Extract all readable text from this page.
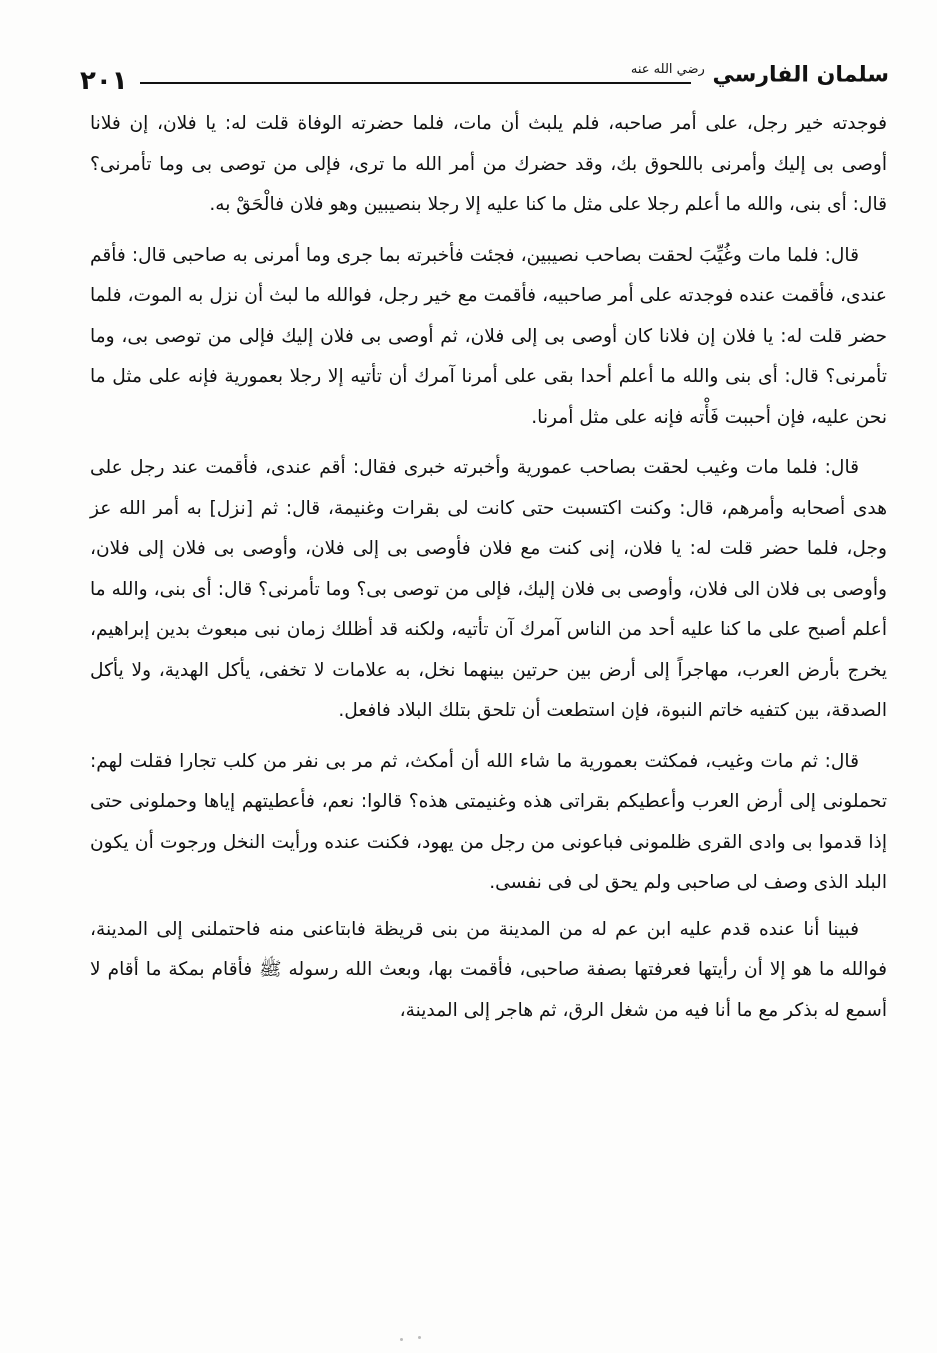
٢٠١	سلمان الفارسي $^{رضي الله عنه}$

فوجدته خير رجل، على أمر صاحبه، فلم يلبث أن مات، فلما حضرته الوفاة قلت له: يا فلان، إن فلانا أوصى بى إليك وأمرنى باللحوق بك، وقد حضرك من أمر الله ما ترى، فإلى من توصى بى وما تأمرنى؟ قال: أى بنى، والله ما أعلم رجلا على مثل ما كنا عليه إلا رجلا بنصيبين وهو فلان فالْحَقْ به.

قال: فلما مات وغُيِّبَ لحقت بصاحب نصيبين، فجئت فأخبرته بما جرى وما أمرنى به صاحبى قال: فأقم عندى، فأقمت عنده فوجدته على أمر صاحبيه، فأقمت مع خير رجل، فوالله ما لبث أن نزل به الموت، فلما حضر قلت له: يا فلان إن فلانا كان أوصى بى إلى فلان، ثم أوصى بى فلان إليك فإلى من توصى بى، وما تأمرنى؟ قال: أى بنى والله ما أعلم أحدا بقى على أمرنا آمرك أن تأتيه إلا رجلا بعمورية فإنه على مثل ما نحن عليه، فإن أحببت فَأْته فإنه على مثل أمرنا.

قال: فلما مات وغيب لحقت بصاحب عمورية وأخبرته خبرى فقال: أقم عندى، فأقمت عند رجل على هدى أصحابه وأمرهم، قال: وكنت اكتسبت حتى كانت لى بقرات وغنيمة، قال: ثم [نزل] به أمر الله عز وجل، فلما حضر قلت له: يا فلان، إنى كنت مع فلان فأوصى بى إلى فلان، وأوصى بى فلان إلى فلان، وأوصى بى فلان الى فلان، وأوصى بى فلان إليك، فإلى من توصى بى؟ وما تأمرنى؟ قال: أى بنى، والله ما أعلم أصبح على ما كنا عليه أحد من الناس آمرك آن تأتيه، ولكنه قد أظلك زمان نبى مبعوث بدين إبراهيم، يخرج بأرض العرب، مهاجراً إلى أرض بين حرتين بينهما نخل، به علامات لا تخفى، يأكل الهدية، ولا يأكل الصدقة، بين كتفيه خاتم النبوة، فإن استطعت أن تلحق بتلك البلاد فافعل.

قال: ثم مات وغيب، فمكثت بعمورية ما شاء الله أن أمكث، ثم مر بى نفر من كلب تجارا فقلت لهم: تحملونى إلى أرض العرب وأعطيكم بقراتى هذه وغنيمتى هذه؟ قالوا: نعم، فأعطيتهم إياها وحملونى حتى إذا قدموا بى وادى القرى ظلمونى فباعونى من رجل من يهود، فكنت عنده ورأيت النخل ورجوت أن يكون البلد الذى وصف لى صاحبى ولم يحق لى فى نفسى.

فبينا أنا عنده قدم عليه ابن عم له من المدينة من بنى قريظة فابتاعنى منه فاحتملنى إلى المدينة، فوالله ما هو إلا أن رأيتها فعرفتها بصفة صاحبى، فأقمت بها، وبعث الله رسوله ﷺ فأقام بمكة ما أقام لا أسمع له بذكر مع ما أنا فيه من شغل الرق، ثم هاجر إلى المدينة،
